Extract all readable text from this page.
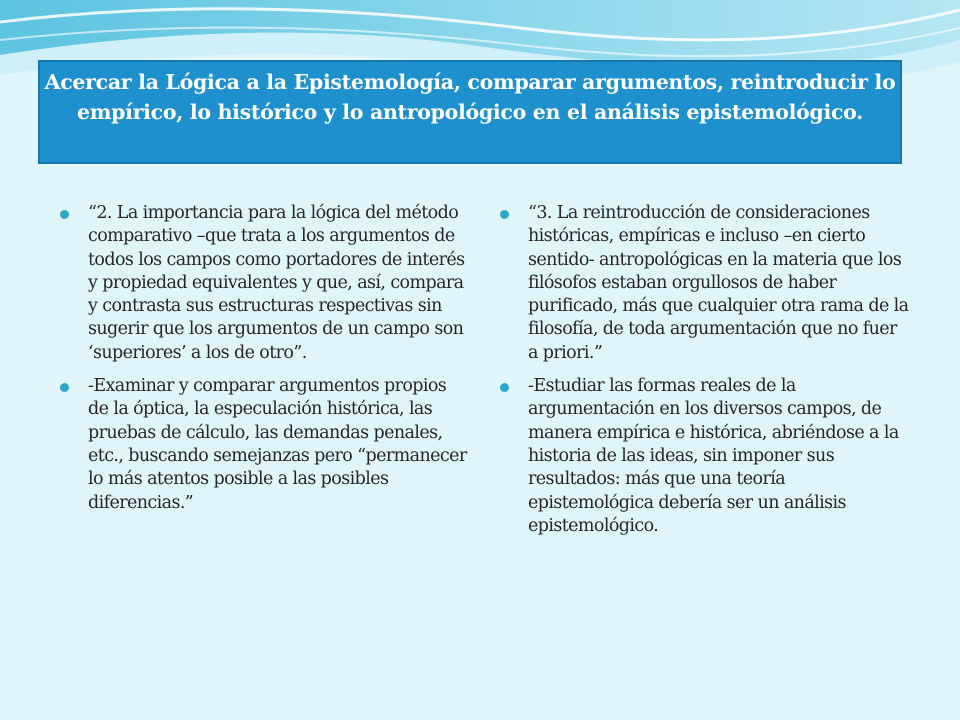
Acercar la Lógica a la Epistemología, comparar argumentos, reintroducir lo empírico, lo histórico y lo antropológico en el análisis epistemológico.
“2. La importancia para la lógica del método comparativo –que trata a los argumentos de todos los campos como portadores de interés y propiedad equivalentes y que, así, compara y contrasta sus estructuras respectivas sin sugerir que los argumentos de un campo son ‘superiores’ a los de otro”.
-Examinar y comparar argumentos propios de la óptica, la especulación histórica, las pruebas de cálculo, las demandas penales, etc., buscando semejanzas pero “permanecer lo más atentos posible a las posibles diferencias.”
“3. La reintroducción de consideraciones históricas, empíricas e incluso –en cierto sentido- antropológicas en la materia que los filósofos estaban orgullosos de haber purificado, más que cualquier otra rama de la filosofía, de toda argumentación que no fuer a priori.”
-Estudiar las formas reales de la argumentación en los diversos campos, de manera empírica e histórica, abriéndose a la historia de las ideas, sin imponer sus resultados: más que una teoría epistemológica debería ser un análisis epistemológico.
